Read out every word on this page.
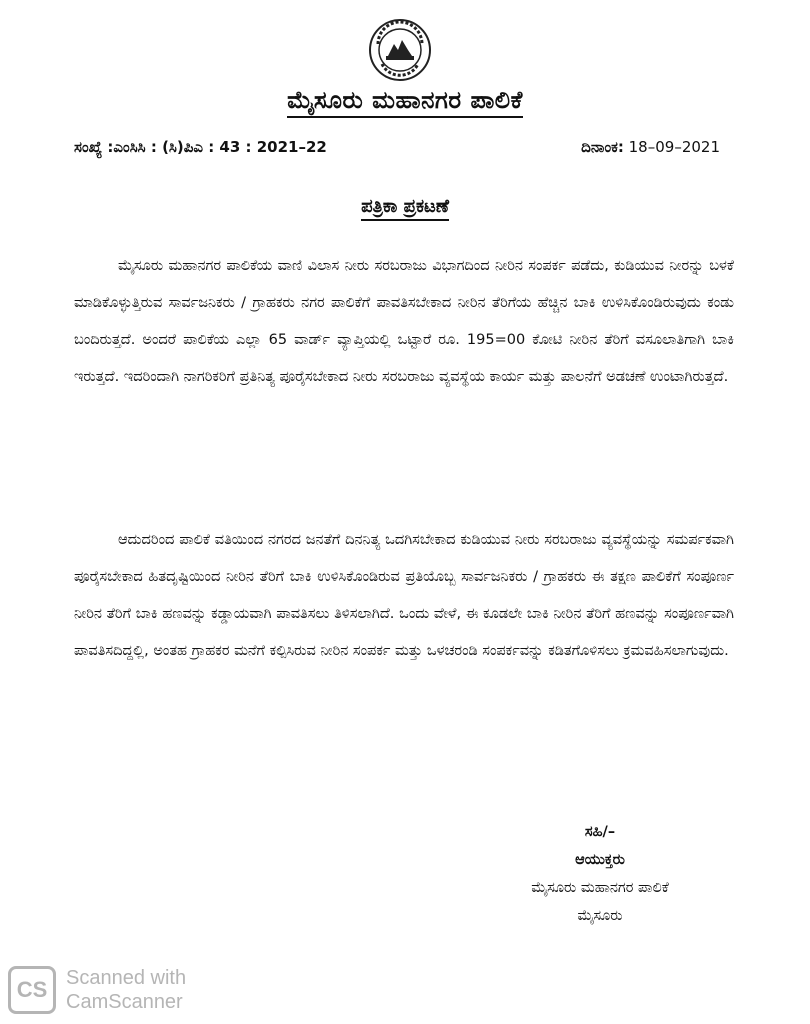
ಮೈಸೂರು ಮಹಾನಗರ ಪಾಲಿಕೆ
ಸಂಖ್ಯೆ :ಎಂಸಿಸಿ : (ಸಿ)ಪಿಎ : 43 : 2021–22	ದಿನಾಂಕ: 18–09–2021
ಪತ್ರಿಕಾ ಪ್ರಕಟಣೆ
ಮೈಸೂರು ಮಹಾನಗರ ಪಾಲಿಕೆಯ ವಾಣಿ ವಿಲಾಸ ನೀರು ಸರಬರಾಜು ವಿಭಾಗದಿಂದ ನೀರಿನ ಸಂಪರ್ಕ ಪಡೆದು, ಕುಡಿಯುವ ನೀರನ್ನು ಬಳಕೆ ಮಾಡಿಕೊಳ್ಳುತ್ತಿರುವ ಸಾರ್ವಜನಿಕರು / ಗ್ರಾಹಕರು ನಗರ ಪಾಲಿಕೆಗೆ ಪಾವತಿಸಬೇಕಾದ ನೀರಿನ ತೆರಿಗೆಯ ಹೆಚ್ಚಿನ ಬಾಕಿ ಉಳಿಸಿಕೊಂಡಿರುವುದು ಕಂಡು ಬಂದಿರುತ್ತದೆ. ಅಂದರೆ ಪಾಲಿಕೆಯ ಎಲ್ಲಾ 65 ವಾರ್ಡ್ ವ್ಯಾಪ್ತಿಯಲ್ಲಿ ಒಟ್ಟಾರೆ ರೂ. 195=00 ಕೋಟಿ ನೀರಿನ ತೆರಿಗೆ ವಸೂಲಾತಿಗಾಗಿ ಬಾಕಿ ಇರುತ್ತದೆ. ಇದರಿಂದಾಗಿ ನಾಗರಿಕರಿಗೆ ಪ್ರತಿನಿತ್ಯ ಪೂರೈಸಬೇಕಾದ ನೀರು ಸರಬರಾಜು ವ್ಯವಸ್ಥೆಯ ಕಾರ್ಯ ಮತ್ತು ಪಾಲನೆಗೆ ಅಡಚಣೆ ಉಂಟಾಗಿರುತ್ತದೆ.
ಆದುದರಿಂದ ಪಾಲಿಕೆ ವತಿಯಿಂದ ನಗರದ ಜನತೆಗೆ ದಿನನಿತ್ಯ ಒದಗಿಸಬೇಕಾದ ಕುಡಿಯುವ ನೀರು ಸರಬರಾಜು ವ್ಯವಸ್ಥೆಯನ್ನು ಸಮರ್ಪಕವಾಗಿ ಪೂರೈಸಬೇಕಾದ ಹಿತದೃಷ್ಟಿಯಿಂದ ನೀರಿನ ತೆರಿಗೆ ಬಾಕಿ ಉಳಿಸಿಕೊಂಡಿರುವ ಪ್ರತಿಯೊಬ್ಬ ಸಾರ್ವಜನಿಕರು / ಗ್ರಾಹಕರು ಈ ತಕ್ಷಣ ಪಾಲಿಕೆಗೆ ಸಂಪೂರ್ಣ ನೀರಿನ ತೆರಿಗೆ ಬಾಕಿ ಹಣವನ್ನು ಕಡ್ಡಾಯವಾಗಿ ಪಾವತಿಸಲು ತಿಳಿಸಲಾಗಿದೆ. ಒಂದು ವೇಳೆ, ಈ ಕೂಡಲೇ ಬಾಕಿ ನೀರಿನ ತೆರಿಗೆ ಹಣವನ್ನು ಸಂಪೂರ್ಣವಾಗಿ ಪಾವತಿಸದಿದ್ದಲ್ಲಿ, ಅಂತಹ ಗ್ರಾಹಕರ ಮನೆಗೆ ಕಲ್ಪಿಸಿರುವ ನೀರಿನ ಸಂಪರ್ಕ ಮತ್ತು ಒಳಚರಂಡಿ ಸಂಪರ್ಕವನ್ನು ಕಡಿತಗೊಳಿಸಲು ಕ್ರಮವಹಿಸಲಾಗುವುದು.
ಸಹಿ/–
ಆಯುಕ್ತರು
ಮೈಸೂರು ಮಹಾನಗರ ಪಾಲಿಕೆ
ಮೈಸೂರು
CS Scanned with
CamScanner
